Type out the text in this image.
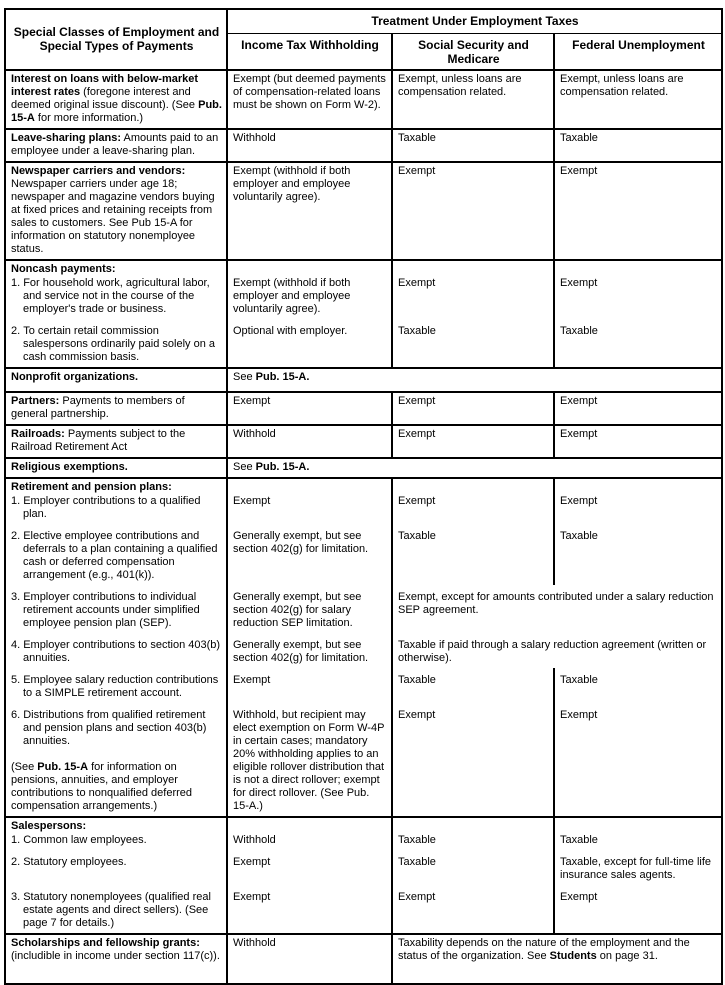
Special Classes of Employment and Special Types of Payments	Treatment Under Employment Taxes		
	Income Tax Withholding	Social Security and Medicare	Federal Unemployment
Interest on loans with below-market interest rates (foregone interest and deemed original issue discount). (See Pub. 15-A for more information.)	Exempt (but deemed payments of compensation-related loans must be shown on Form W-2).	Exempt, unless loans are compensation related.	Exempt, unless loans are compensation related.
Leave-sharing plans: Amounts paid to an employee under a leave-sharing plan.	Withhold	Taxable	Taxable
Newspaper carriers and vendors: Newspaper carriers under age 18; newspaper and magazine vendors buying at fixed prices and retaining receipts from sales to customers. See Pub 15-A for information on statutory nonemployee status.	Exempt (withhold if both employer and employee voluntarily agree).	Exempt	Exempt
Noncash payments:			

1. For household work, agricultural labor, and service not in the course of the employer's trade or business.	Exempt (withhold if both employer and employee voluntarily agree).	Exempt	Exempt

2. To certain retail commission salespersons ordinarily paid solely on a cash commission basis.	Optional with employer.	Taxable	Taxable
Nonprofit organizations.	See Pub. 15-A.		
Partners: Payments to members of general partnership.	Exempt	Exempt	Exempt
Railroads: Payments subject to the Railroad Retirement Act	Withhold	Exempt	Exempt
Religious exemptions.	See Pub. 15-A.		
Retirement and pension plans:			

1. Employer contributions to a qualified plan.	Exempt	Exempt	Exempt

2. Elective employee contributions and deferrals to a plan containing a qualified cash or deferred compensation arrangement (e.g., 401(k)).	Generally exempt, but see section 402(g) for limitation.	Taxable	Taxable

3. Employer contributions to individual retirement accounts under simplified employee pension plan (SEP).	Generally exempt, but see section 402(g) for salary reduction SEP limitation.	Exempt, except for amounts contributed under a salary reduction SEP agreement.	

4. Employer contributions to section 403(b) annuities.	Generally exempt, but see section 402(g) for limitation.	Taxable if paid through a salary reduction agreement (written or otherwise).	

5. Employee salary reduction contributions to a SIMPLE retirement account.	Exempt	Taxable	Taxable

6. Distributions from qualified retirement and pension plans and section 403(b) annuities.
(See Pub. 15-A for information on pensions, annuities, and employer contributions to nonqualified deferred compensation arrangements.)
	Withhold, but recipient may elect exemption on Form W-4P in certain cases; mandatory 20% withholding applies to an eligible rollover distribution that is not a direct rollover; exempt for direct rollover. (See Pub. 15-A.)	Exempt	Exempt
Salespersons:			

1. Common law employees.	Withhold	Taxable	Taxable

2. Statutory employees.	Exempt	Taxable	Taxable, except for full-time life insurance sales agents.

3. Statutory nonemployees (qualified real estate agents and direct sellers). (See page 7 for details.)	Exempt	Exempt	Exempt
Scholarships and fellowship grants: (includible in income under section 117(c)).	Withhold	Taxability depends on the nature of the employment and the status of the organization. See Students on page 31.	
